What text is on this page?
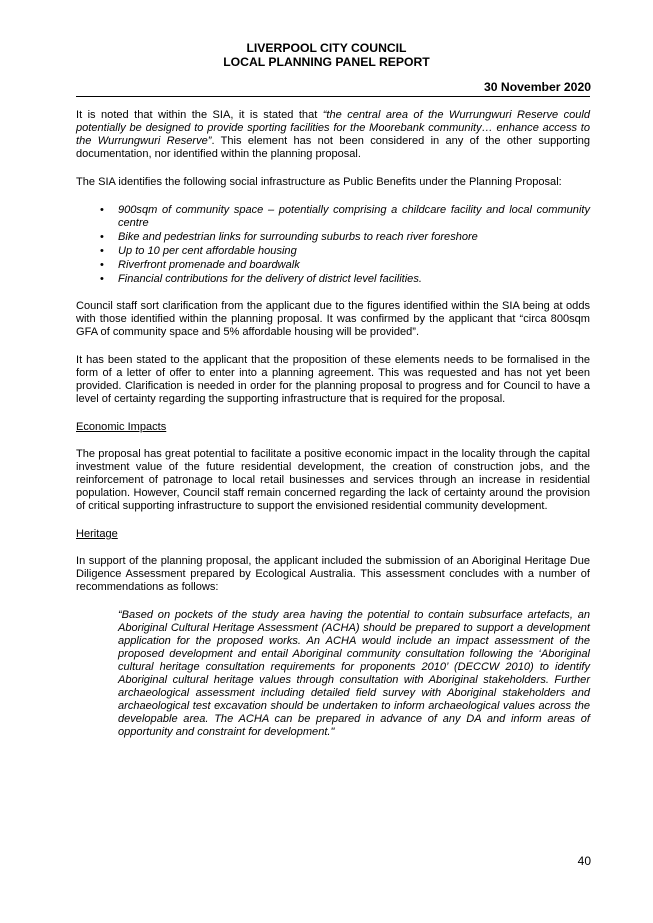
LIVERPOOL CITY COUNCIL
LOCAL PLANNING PANEL REPORT
30 November 2020

It is noted that within the SIA, it is stated that “the central area of the Wurrungwuri Reserve could potentially be designed to provide sporting facilities for the Moorebank community… enhance access to the Wurrungwuri Reserve”. This element has not been considered in any of the other supporting documentation, nor identified within the planning proposal.

The SIA identifies the following social infrastructure as Public Benefits under the Planning Proposal:

• 900sqm of community space – potentially comprising a childcare facility and local community centre
• Bike and pedestrian links for surrounding suburbs to reach river foreshore
• Up to 10 per cent affordable housing
• Riverfront promenade and boardwalk
• Financial contributions for the delivery of district level facilities.

Council staff sort clarification from the applicant due to the figures identified within the SIA being at odds with those identified within the planning proposal. It was confirmed by the applicant that “circa 800sqm GFA of community space and 5% affordable housing will be provided”.

It has been stated to the applicant that the proposition of these elements needs to be formalised in the form of a letter of offer to enter into a planning agreement. This was requested and has not yet been provided. Clarification is needed in order for the planning proposal to progress and for Council to have a level of certainty regarding the supporting infrastructure that is required for the proposal.

Economic Impacts

The proposal has great potential to facilitate a positive economic impact in the locality through the capital investment value of the future residential development, the creation of construction jobs, and the reinforcement of patronage to local retail businesses and services through an increase in residential population. However, Council staff remain concerned regarding the lack of certainty around the provision of critical supporting infrastructure to support the envisioned residential community development.

Heritage

In support of the planning proposal, the applicant included the submission of an Aboriginal Heritage Due Diligence Assessment prepared by Ecological Australia. This assessment concludes with a number of recommendations as follows:

“Based on pockets of the study area having the potential to contain subsurface artefacts, an Aboriginal Cultural Heritage Assessment (ACHA) should be prepared to support a development application for the proposed works. An ACHA would include an impact assessment of the proposed development and entail Aboriginal community consultation following the ‘Aboriginal cultural heritage consultation requirements for proponents 2010’ (DECCW 2010) to identify Aboriginal cultural heritage values through consultation with Aboriginal stakeholders. Further archaeological assessment including detailed field survey with Aboriginal stakeholders and archaeological test excavation should be undertaken to inform archaeological values across the developable area. The ACHA can be prepared in advance of any DA and inform areas of opportunity and constraint for development."
40
